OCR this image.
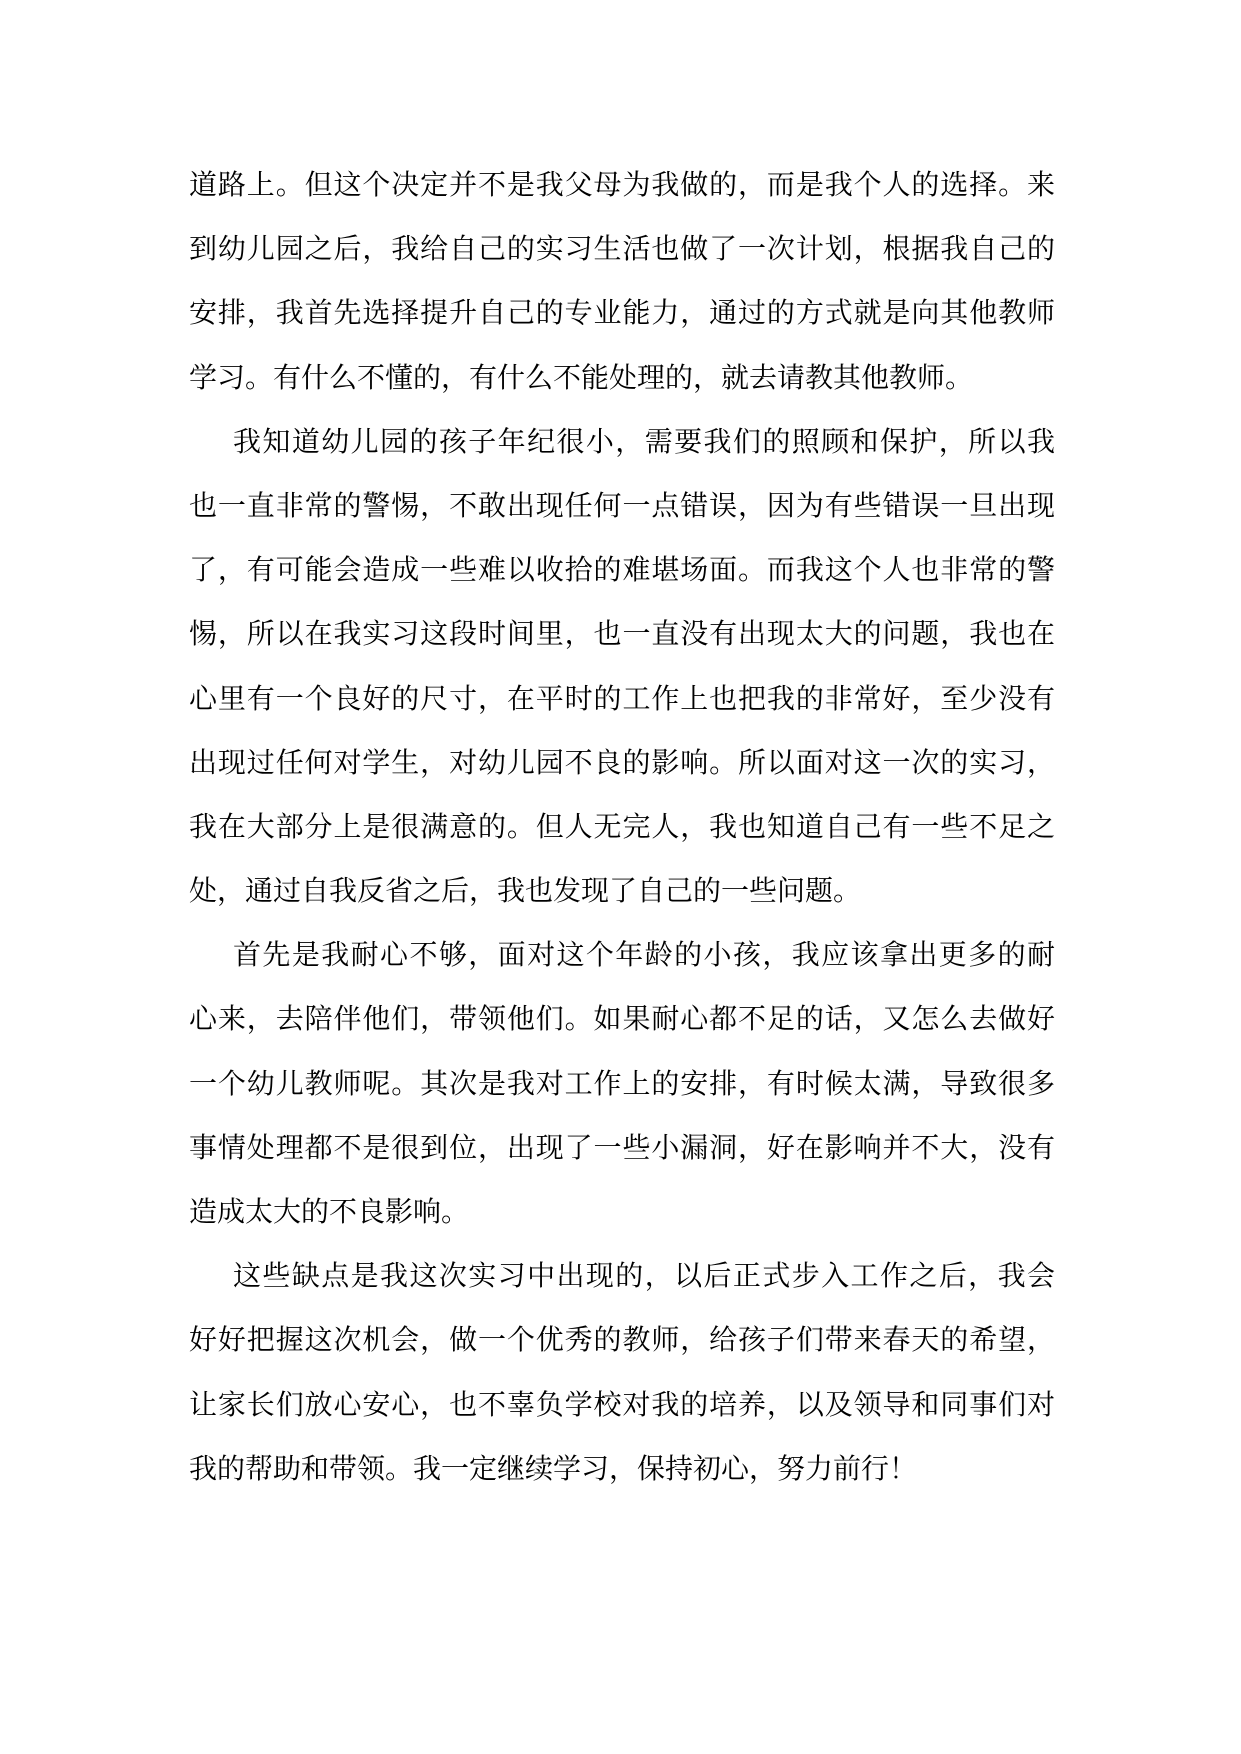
道路上。但这个决定并不是我父母为我做的，而是我个人的选择。来
到幼儿园之后，我给自己的实习生活也做了一次计划，根据我自己的
安排，我首先选择提升自己的专业能力，通过的方式就是向其他教师
学习。有什么不懂的，有什么不能处理的，就去请教其他教师。
我知道幼儿园的孩子年纪很小，需要我们的照顾和保护，所以我
也一直非常的警惕，不敢出现任何一点错误，因为有些错误一旦出现
了，有可能会造成一些难以收拾的难堪场面。而我这个人也非常的警
惕，所以在我实习这段时间里，也一直没有出现太大的问题，我也在
心里有一个良好的尺寸，在平时的工作上也把我的非常好，至少没有
出现过任何对学生，对幼儿园不良的影响。所以面对这一次的实习，
我在大部分上是很满意的。但人无完人，我也知道自己有一些不足之
处，通过自我反省之后，我也发现了自己的一些问题。
首先是我耐心不够，面对这个年龄的小孩，我应该拿出更多的耐
心来，去陪伴他们，带领他们。如果耐心都不足的话，又怎么去做好
一个幼儿教师呢。其次是我对工作上的安排，有时候太满，导致很多
事情处理都不是很到位，出现了一些小漏洞，好在影响并不大，没有
造成太大的不良影响。
这些缺点是我这次实习中出现的，以后正式步入工作之后，我会
好好把握这次机会，做一个优秀的教师，给孩子们带来春天的希望，
让家长们放心安心，也不辜负学校对我的培养，以及领导和同事们对
我的帮助和带领。我一定继续学习，保持初心，努力前行！
